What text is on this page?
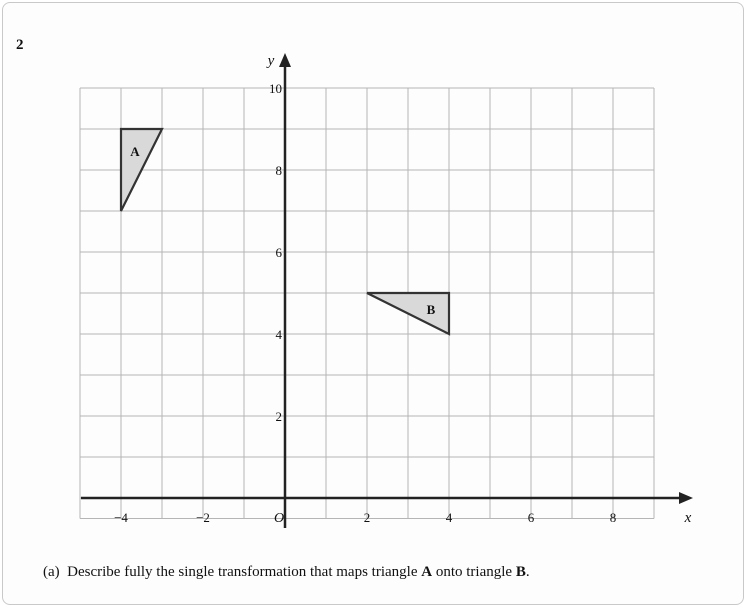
2
A
B
−4	−2	2	4	6	8
2
4
6
8
10
O	x
y
(a) Describe fully the single transformation that maps triangle A onto triangle B.
